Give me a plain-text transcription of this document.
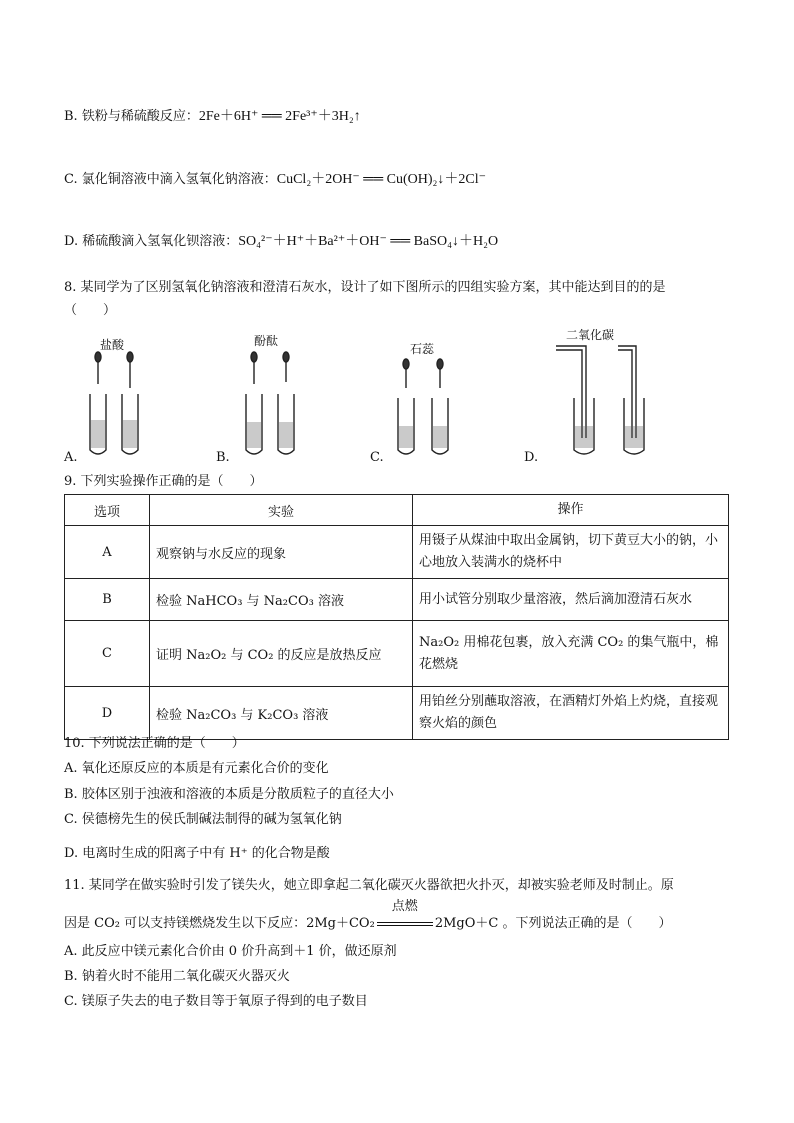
B. 铁粉与稀硫酸反应：2Fe＋6H⁺ ══ 2Fe³⁺＋3H₂↑
C. 氯化铜溶液中滴入氢氧化钠溶液：CuCl₂＋2OH⁻ ══ Cu(OH)₂↓＋2Cl⁻
D. 稀硫酸滴入氢氧化钡溶液：SO₄²⁻＋H⁺＋Ba²⁺＋OH⁻ ══ BaSO₄↓＋H₂O
8. 某同学为了区别氢氧化钠溶液和澄清石灰水，设计了如下图所示的四组实验方案，其中能达到目的的是
（　　）
盐酸
A.
酚酞
B.
石蕊
C.
二氧化碳
D.
9. 下列实验操作正确的是（　　）
选项	实验	操作
A	观察钠与水反应的现象	用镊子从煤油中取出金属钠，切下黄豆大小的钠，小心地放入装满水的烧杯中
B	检验 NaHCO₃ 与 Na₂CO₃ 溶液	用小试管分别取少量溶液，然后滴加澄清石灰水
C	证明 Na₂O₂ 与 CO₂ 的反应是放热反应	Na₂O₂ 用棉花包裹，放入充满 CO₂ 的集气瓶中，棉花燃烧
D	检验 Na₂CO₃ 与 K₂CO₃ 溶液	用铂丝分别蘸取溶液，在酒精灯外焰上灼烧，直接观察火焰的颜色
10. 下列说法正确的是（　　）
A. 氧化还原反应的本质是有元素化合价的变化
B. 胶体区别于浊液和溶液的本质是分散质粒子的直径大小
C. 侯德榜先生的侯氏制碱法制得的碱为氢氧化钠
D. 电离时生成的阳离子中有 H⁺ 的化合物是酸
11. 某同学在做实验时引发了镁失火，她立即拿起二氧化碳灭火器欲把火扑灭，却被实验老师及时制止。原
因是 CO₂ 可以支持镁燃烧发生以下反应：2Mg＋CO₂
点燃
2MgO＋C 。下列说法正确的是（　　）
A. 此反应中镁元素化合价由 0 价升高到＋1 价，做还原剂
B. 钠着火时不能用二氧化碳灭火器灭火
C. 镁原子失去的电子数目等于氧原子得到的电子数目
